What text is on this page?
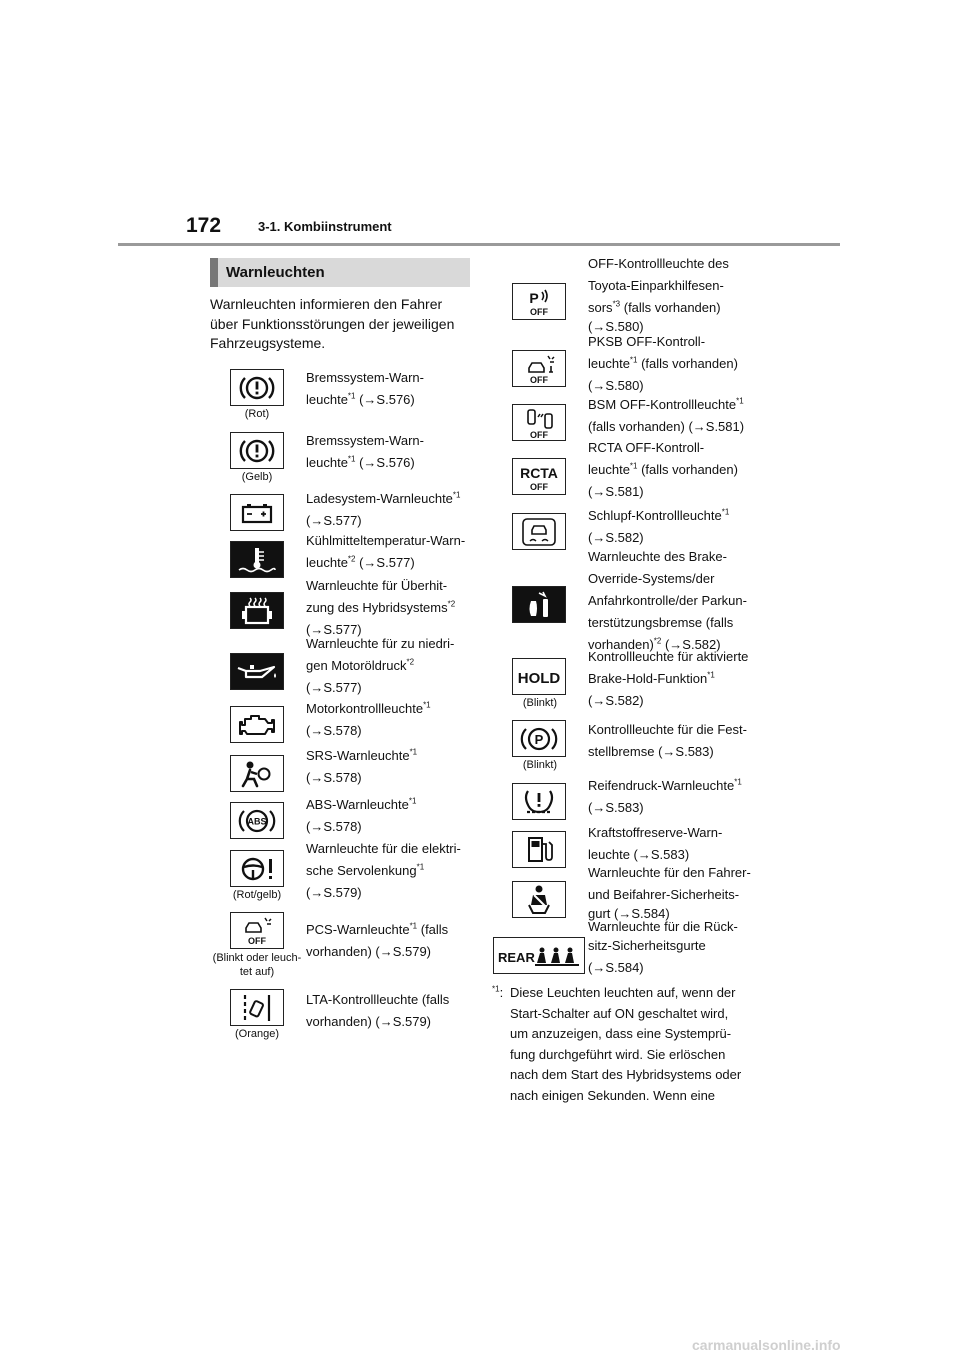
172	3-1. Kombiinstrument
Warnleuchten
Warnleuchten informieren den Fahrer
über Funktionsstörungen der jeweiligen
Fahrzeugsystеme.
(Rot)
Bremssystem-Warn-
leuchte$^{*1}$ (→S.576)
(Gelb)
Bremssystem-Warn-
leuchte$^{*1}$ (→S.576)
Ladesystem-Warnleuchte$^{*1}$
(→S.577)
Kühlmitteltemperatur-Warn-
leuchte$^{*2}$ (→S.577)
Warnleuchte für Überhit-
zung des Hybridsystems$^{*2}$
(→S.577)
Warnleuchte für zu niedri-
gen Motoröldruck$^{*2}$
(→S.577)
Motorkontrollleuchte$^{*1}$
(→S.578)
SRS-Warnleuchte$^{*1}$
(→S.578)
ABS
ABS-Warnleuchte$^{*1}$
(→S.578)
(Rot/gelb)
Warnleuchte für die elektri-
sche Servolenkung$^{*1}$
(→S.579)
OFF
(Blinkt oder leuch-
tet auf)
PCS-Warnleuchte$^{*1}$ (falls
vorhanden) (→S.579)
(Orange)
LTA-Kontrollleuchte (falls
vorhanden) (→S.579)
P
OFF
OFF-Kontrollleuchte des
Toyota-Einparkhilfesen-
sors$^{*3}$ (falls vorhanden)
(→S.580)
OFF
PKSB OFF-Kontroll-
leuchte$^{*1}$ (falls vorhanden)
(→S.580)
OFF
BSM OFF-Kontrollleuchte$^{*1}$
(falls vorhanden) (→S.581)
RCTA
OFF
RCTA OFF-Kontroll-
leuchte$^{*1}$ (falls vorhanden)
(→S.581)
Schlupf-Kontrollleuchte$^{*1}$
(→S.582)
Warnleuchte des Brake-
Override-Systems/der
Anfahrkontrolle/der Parkun-
terstützungsbremse (falls
vorhanden)$^{*2}$ (→S.582)
HOLD
(Blinkt)
Kontrollleuchte für aktivierte
Brake-Hold-Funktion$^{*1}$
(→S.582)
P
(Blinkt)
Kontrollleuchte für die Fest-
stellbremse (→S.583)
Reifendruck-Warnleuchte$^{*1}$
(→S.583)
Kraftstoffreserve-Warn-
leuchte (→S.583)
Warnleuchte für den Fahrer-
und Beifahrer-Sicherheits-
gurt (→S.584)
REAR
Warnleuchte für die Rück-
sitz-Sicherheitsgurte
(→S.584)
$^{*1}$: Diese Leuchten leuchten auf, wenn der
Start-Schalter auf ON geschaltet wird,
um anzuzeigen, dass eine Systemprü-
fung durchgeführt wird. Sie erlöschen
nach dem Start des Hybridsystems oder
nach einigen Sekunden. Wenn eine
carmanualsonline.info
